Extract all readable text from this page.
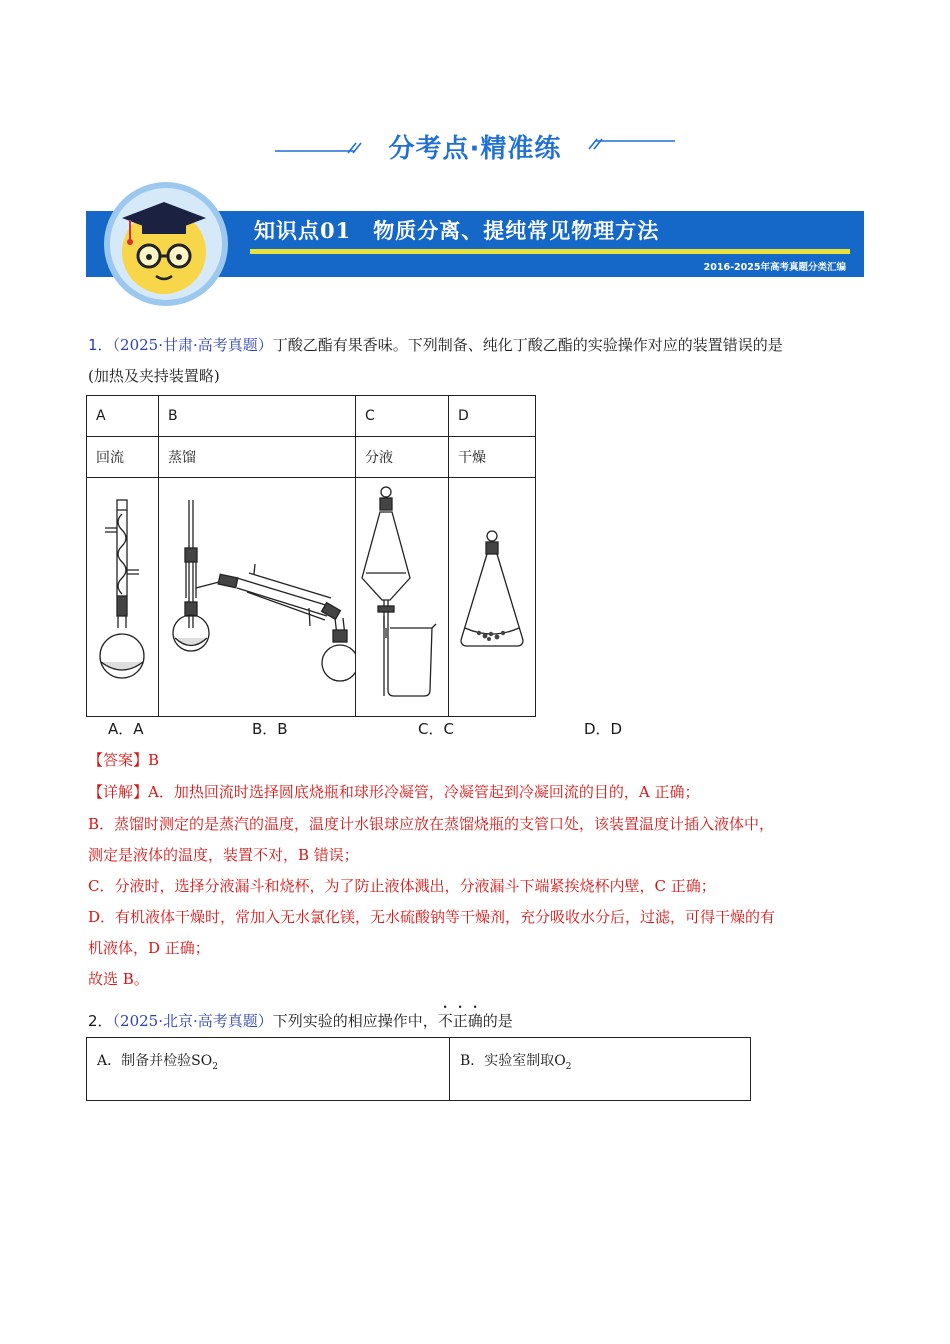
分考点·精准练
知识点01　物质分离、提纯常见物理方法
2016-2025年高考真题分类汇编
1．（2025·甘肃·高考真题）丁酸乙酯有果香味。下列制备、纯化丁酸乙酯的实验操作对应的装置错误的是
(加热及夹持装置略)
A	B	C	D
回流	蒸馏	分液	干燥

A．A	B．B	C．C	D．D
【答案】B
【详解】A．加热回流时选择圆底烧瓶和球形冷凝管，冷凝管起到冷凝回流的目的，A 正确；
B．蒸馏时测定的是蒸汽的温度，温度计水银球应放在蒸馏烧瓶的支管口处，该装置温度计插入液体中，
测定是液体的温度，装置不对，B 错误；
C．分液时，选择分液漏斗和烧杯，为了防止液体溅出，分液漏斗下端紧挨烧杯内壁，C 正确；
D．有机液体干燥时，常加入无水氯化镁，无水硫酸钠等干燥剂，充分吸收水分后，过滤，可得干燥的有
机液体，D 正确；
故选 B。
2．（2025·北京·高考真题）下列实验的相应操作中，不正确的是
A．制备并检验$SO_2$	B．实验室制取$O_2$
